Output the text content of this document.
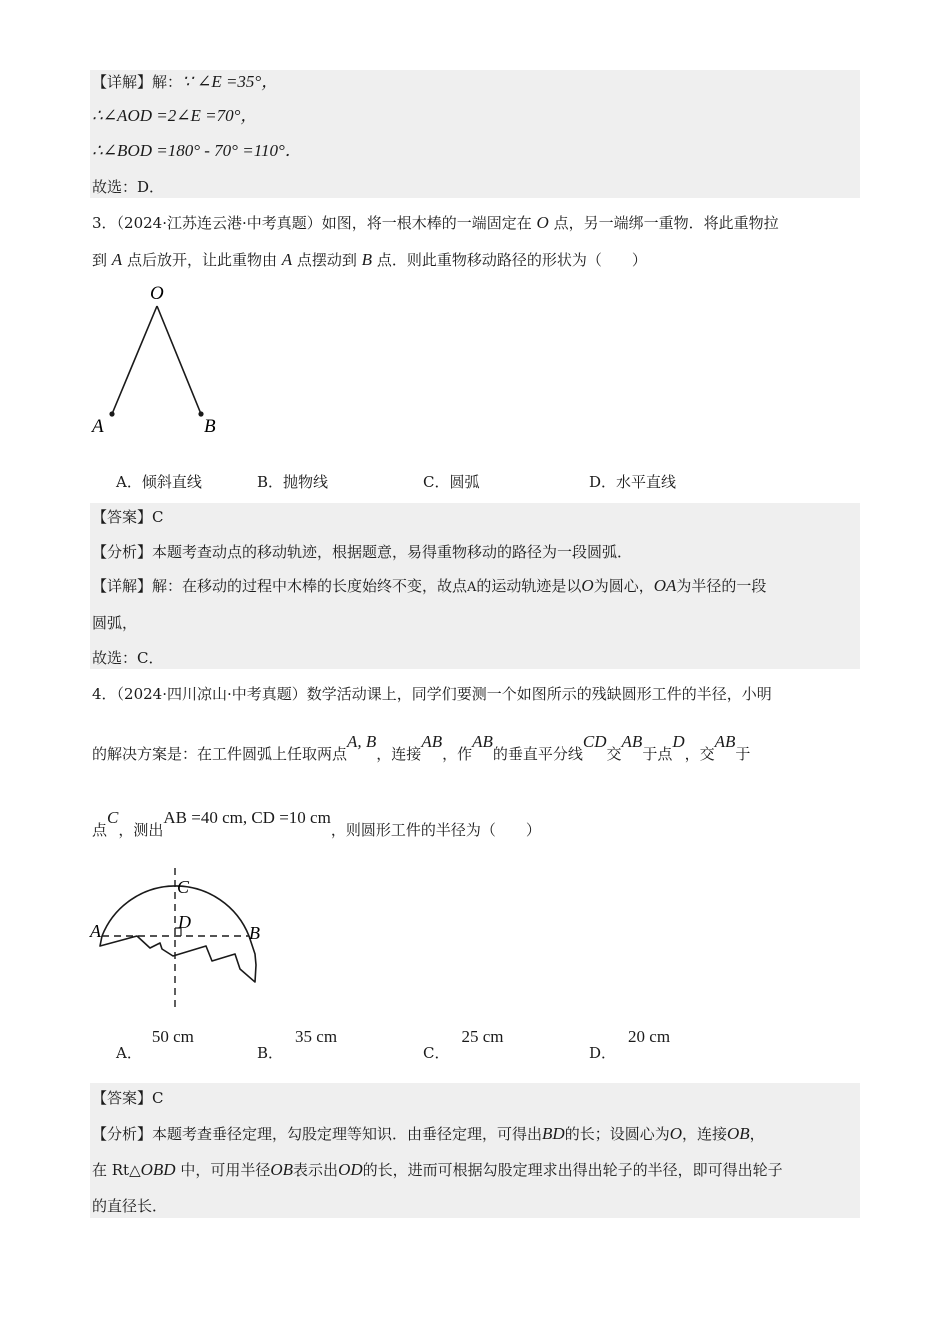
【详解】解：∵ ∠E =35°，
∴∠AOD =2∠E =70°，
∴∠BOD =180° - 70° =110°．
故选：D．
3．（2024·江苏连云港·中考真题）如图，将一根木棒的一端固定在 O 点，另一端绑一重物．将此重物拉
到 A 点后放开，让此重物由 A 点摆动到 B 点．则此重物移动路径的形状为（　　）
O
A	B
A．倾斜直线	B．抛物线	C．圆弧	D．水平直线
【答案】C
【分析】本题考查动点的移动轨迹，根据题意，易得重物移动的路径为一段圆弧．
【详解】解：在移动的过程中木棒的长度始终不变，故点A的运动轨迹是以O为圆心，OA为半径的一段
圆弧，
故选：C．
4．（2024·四川凉山·中考真题）数学活动课上，同学们要测一个如图所示的残缺圆形工件的半径，小明
的解决方案是：在工件圆弧上任取两点A, B，连接AB，作AB的垂直平分线CD交AB于点D，交AB于
点C，测出AB =40 cm, CD =10 cm，则圆形工件的半径为（　　）
C
D
A	B
A．50 cm
B．35 cm
C．25 cm
D．20 cm
【答案】C
【分析】本题考查垂径定理，勾股定理等知识．由垂径定理，可得出BD的长；设圆心为O，连接OB，
在 Rt△OBD 中，可用半径OB表示出OD的长，进而可根据勾股定理求出得出轮子的半径，即可得出轮子
的直径长．
